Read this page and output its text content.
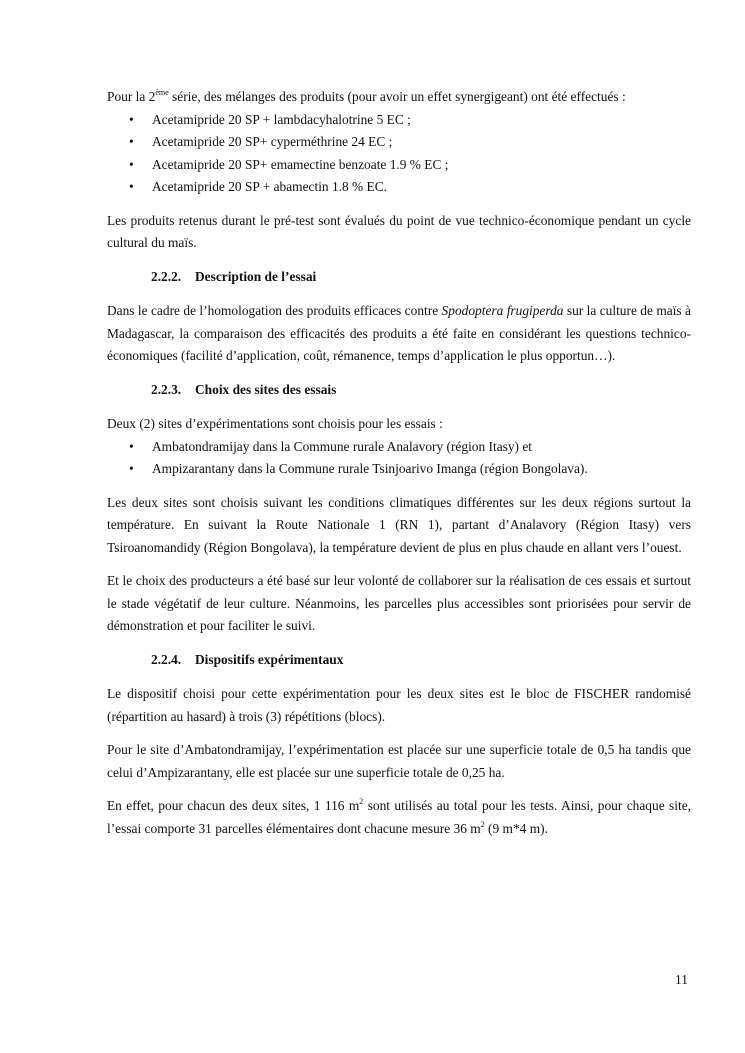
Pour la 2ème série, des mélanges des produits (pour avoir un effet synergigeant) ont été effectués :

• Acetamipride 20 SP + lambdacyhalotrine 5 EC ;
• Acetamipride 20 SP+ cyperméthrine 24 EC ;
• Acetamipride 20 SP+ emamectine benzoate 1.9 % EC ;
• Acetamipride 20 SP + abamectin 1.8 % EC.

Les produits retenus durant le pré-test sont évalués du point de vue technico-économique pendant un cycle cultural du maïs.

2.2.2. Description de l’essai

Dans le cadre de l’homologation des produits efficaces contre Spodoptera frugiperda sur la culture de maïs à Madagascar, la comparaison des efficacités des produits a été faite en considérant les questions technico-économiques (facilité d’application, coût, rémanence, temps d’application le plus opportun…).

2.2.3. Choix des sites des essais

Deux (2) sites d’expérimentations sont choisis pour les essais :

• Ambatondramijay dans la Commune rurale Analavory (région Itasy) et
• Ampizarantany dans la Commune rurale Tsinjoarivo Imanga (région Bongolava).

Les deux sites sont choisis suivant les conditions climatiques différentes sur les deux régions surtout la température. En suivant la Route Nationale 1 (RN 1), partant d’Analavory (Région Itasy) vers Tsiroanomandidy (Région Bongolava), la température devient de plus en plus chaude en allant vers l’ouest.

Et le choix des producteurs a été basé sur leur volonté de collaborer sur la réalisation de ces essais et surtout le stade végétatif de leur culture. Néanmoins, les parcelles plus accessibles sont priorisées pour servir de démonstration et pour faciliter le suivi.

2.2.4. Dispositifs expérimentaux

Le dispositif choisi pour cette expérimentation pour les deux sites est le bloc de FISCHER randomisé (répartition au hasard) à trois (3) répétitions (blocs).

Pour le site d’Ambatondramijay, l’expérimentation est placée sur une superficie totale de 0,5 ha tandis que celui d’Ampizarantany, elle est placée sur une superficie totale de 0,25 ha.

En effet, pour chacun des deux sites, 1 116 $m^2$ sont utilisés au total pour les tests. Ainsi, pour chaque site, l’essai comporte 31 parcelles élémentaires dont chacune mesure 36 $m^2$ (9 m*4 m).

11
